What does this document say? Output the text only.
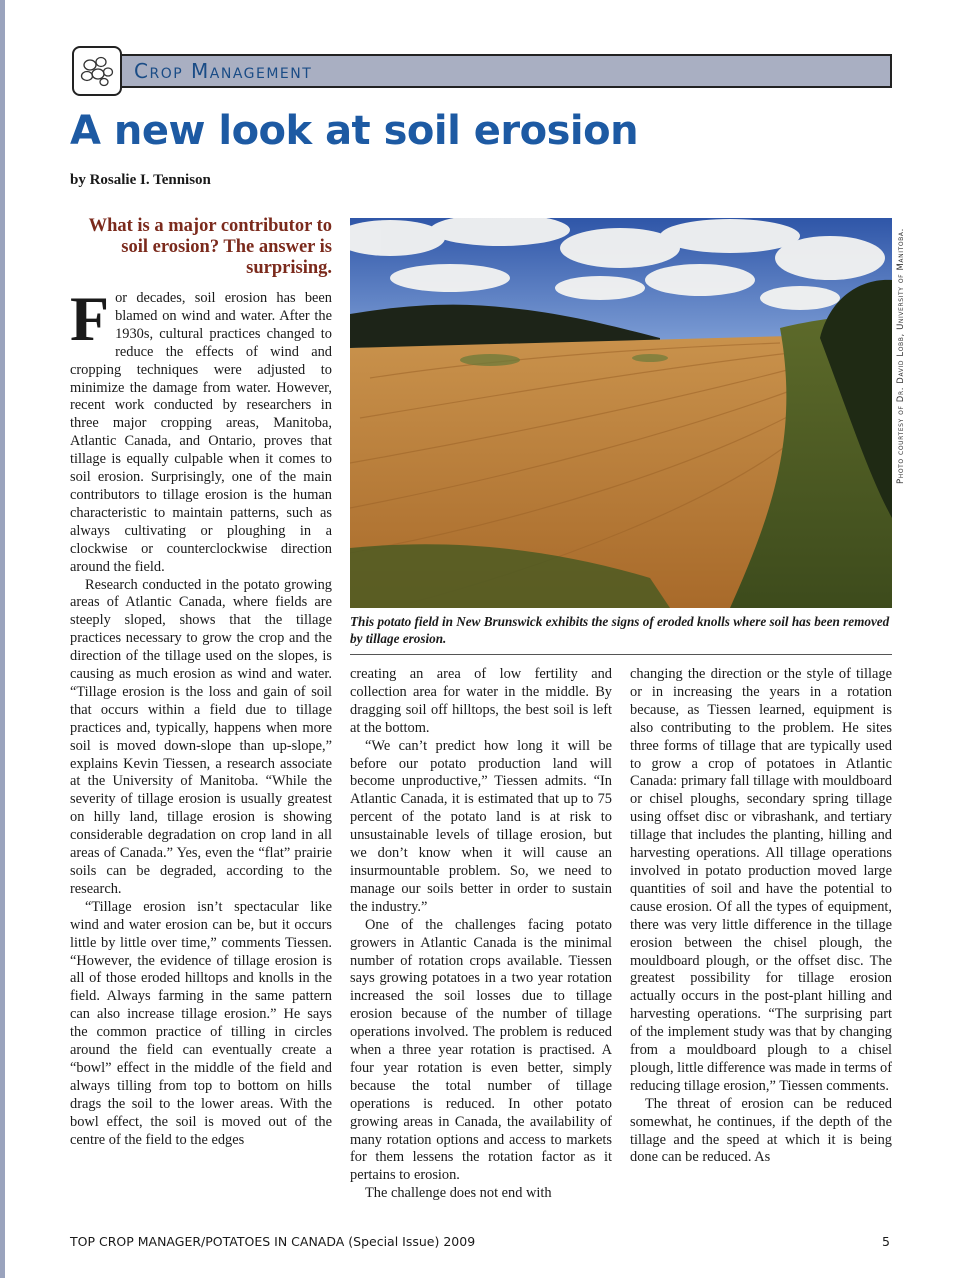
Crop Management
A new look at soil erosion
by Rosalie I. Tennison
What is a major contributor to soil erosion? The answer is surprising.

For decades, soil erosion has been blamed on wind and water. After the 1930s, cultural practices changed to reduce the effects of wind and cropping techniques were adjusted to minimize the damage from water. However, recent work conducted by researchers in three major cropping areas, Manitoba, Atlantic Canada, and Ontario, proves that tillage is equally culpable when it comes to soil erosion. Surprisingly, one of the main contributors to tillage erosion is the human characteristic to maintain patterns, such as always cultivating or ploughing in a clockwise or counterclockwise direction around the field.

Research conducted in the potato growing areas of Atlantic Canada, where fields are steeply sloped, shows that the tillage practices necessary to grow the crop and the direction of the tillage used on the slopes, is causing as much erosion as wind and water. “Tillage erosion is the loss and gain of soil that occurs within a field due to tillage practices and, typically, happens when more soil is moved down-slope than up-slope,” explains Kevin Tiessen, a research associate at the University of Manitoba. “While the severity of tillage erosion is usually greatest on hilly land, tillage erosion is showing considerable degradation on crop land in all areas of Canada.” Yes, even the “flat” prairie soils can be degraded, according to the research.

“Tillage erosion isn’t spectacular like wind and water erosion can be, but it occurs little by little over time,” comments Tiessen. “However, the evidence of tillage erosion is all of those eroded hilltops and knolls in the field. Always farming in the same pattern can also increase tillage erosion.” He says the common practice of tilling in circles around the field can eventually create a “bowl” effect in the middle of the field and always tilling from top to bottom on hills drags the soil to the lower areas. With the bowl effect, the soil is moved out of the centre of the field to the edges

Photo courtesy of Dr. David Lobb, University of Manitoba.
This potato field in New Brunswick exhibits the signs of eroded knolls where soil has been removed by tillage erosion.

creating an area of low fertility and collection area for water in the middle. By dragging soil off hilltops, the best soil is left at the bottom.

“We can’t predict how long it will be before our potato production land will become unproductive,” Tiessen admits. “In Atlantic Canada, it is estimated that up to 75 percent of the potato land is at risk to unsustainable levels of tillage erosion, but we don’t know when it will cause an insurmountable problem. So, we need to manage our soils better in order to sustain the industry.”

One of the challenges facing potato growers in Atlantic Canada is the minimal number of rotation crops available. Tiessen says growing potatoes in a two year rotation increased the soil losses due to tillage erosion because of the number of tillage operations involved. The problem is reduced when a three year rotation is practised. A four year rotation is even better, simply because the total number of tillage operations is reduced. In other potato growing areas in Canada, the availability of many rotation options and access to markets for them lessens the rotation factor as it pertains to erosion.

The challenge does not end with

changing the direction or the style of tillage or in increasing the years in a rotation because, as Tiessen learned, equipment is also contributing to the problem. He sites three forms of tillage that are typically used to grow a crop of potatoes in Atlantic Canada: primary fall tillage with mouldboard or chisel ploughs, secondary spring tillage using offset disc or vibrashank, and tertiary tillage that includes the planting, hilling and harvesting operations. All tillage operations involved in potato production moved large quantities of soil and have the potential to cause erosion. Of all the types of equipment, there was very little difference in the tillage erosion between the chisel plough, the mouldboard plough, or the offset disc. The greatest possibility for tillage erosion actually occurs in the post-plant hilling and harvesting operations. “The surprising part of the implement study was that by changing from a mouldboard plough to a chisel plough, little difference was made in terms of reducing tillage erosion,” Tiessen comments.

The threat of erosion can be reduced somewhat, he continues, if the depth of the tillage and the speed at which it is being done can be reduced. As

TOP CROP MANAGER/POTATOES IN CANADA (Special Issue) 2009	5
